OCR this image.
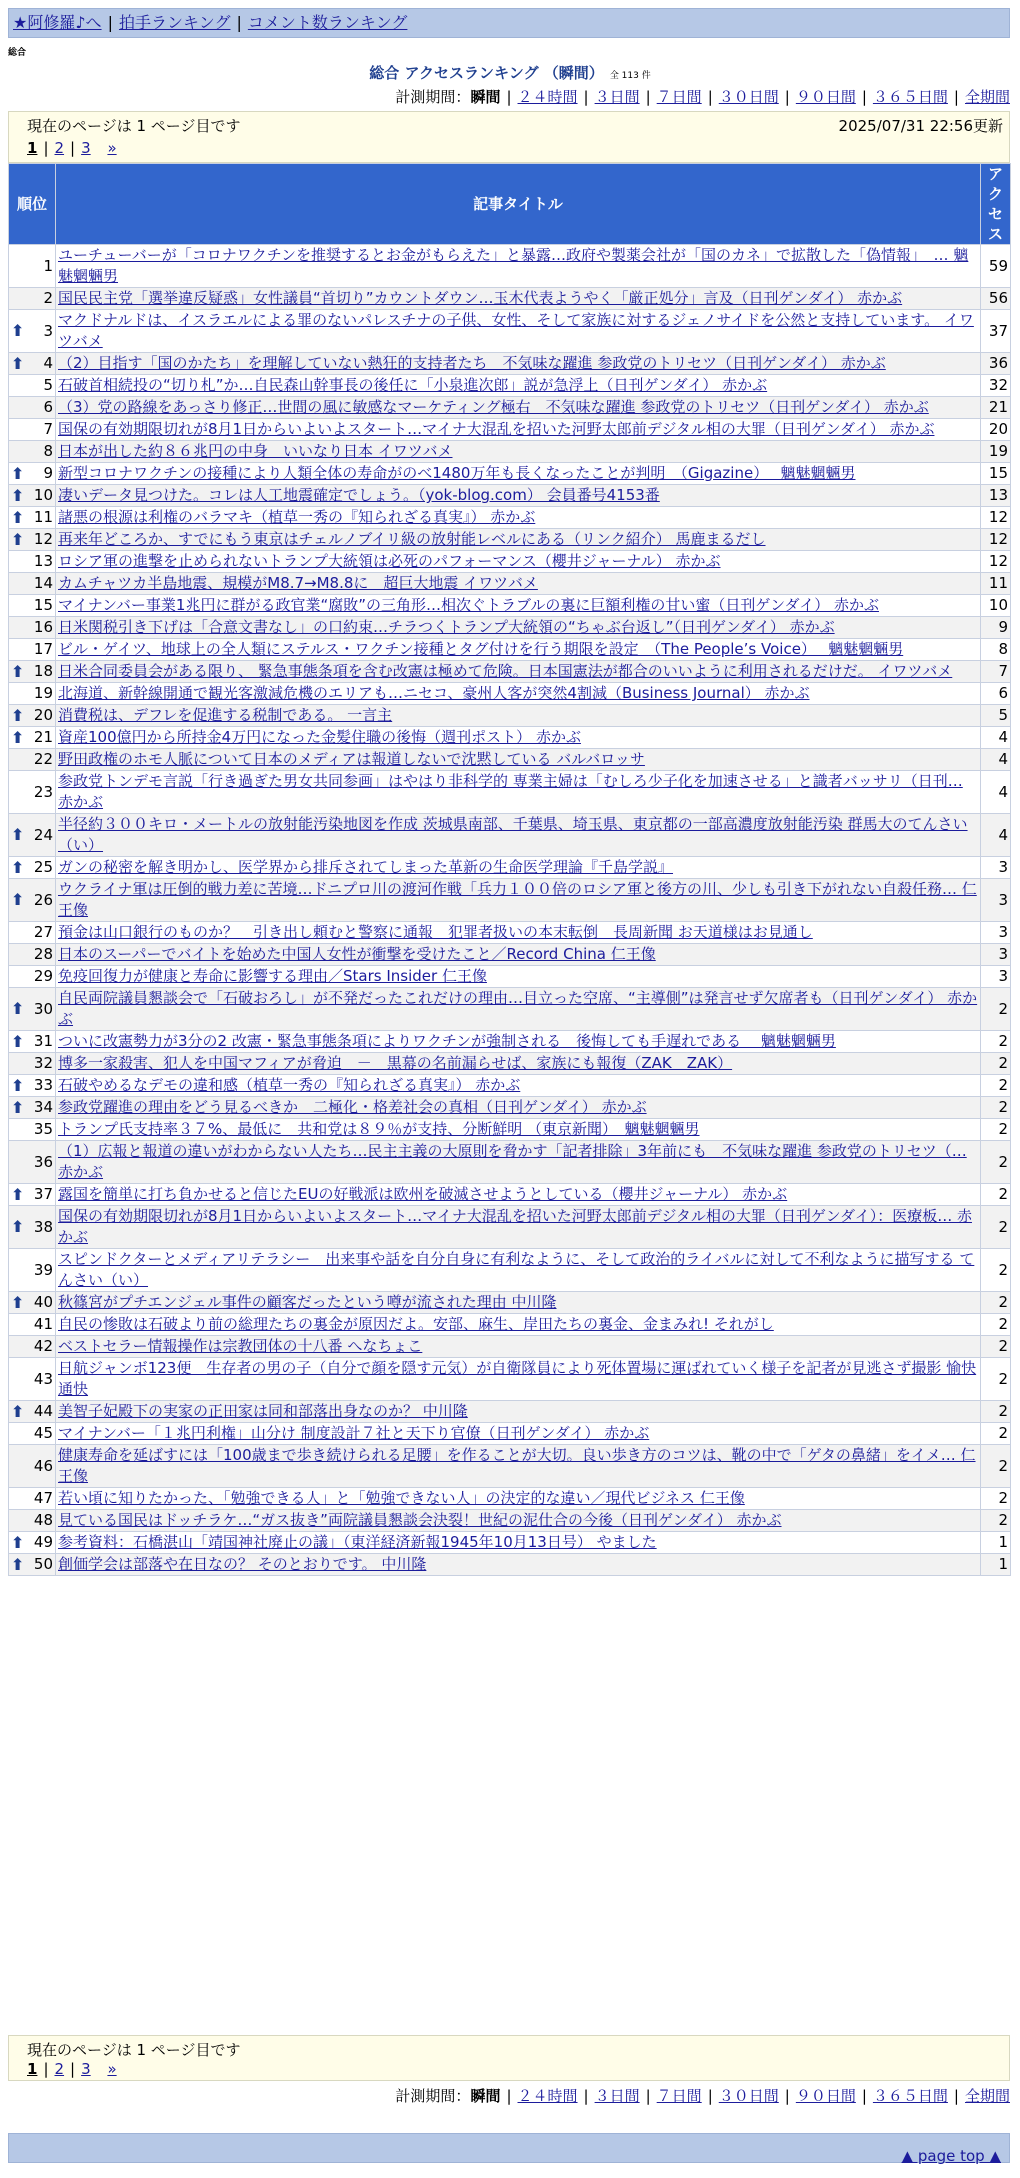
★阿修羅♪へ | 拍手ランキング | コメント数ランキング
総合
総合 アクセスランキング （瞬間） 全 113 件
計測期間：瞬間 | ２４時間 | ３日間 | ７日間 | ３０日間 | ９０日間 | ３６５日間 | 全期間
現在のページは 1 ページ目です	2025/07/31 22:56更新
1 | 2 | 3 »
順位	記事タイトル	アクセス
1	ユーチューバーが「コロナワクチンを推奨するとお金がもらえた」と暴露…政府や製薬会社が「国のカネ」で拡散した「偽情報」　… 魑魅魍魎男	59
2	国民民主党「選挙違反疑惑」女性議員“首切り”カウントダウン…玉木代表ようやく「厳正処分」言及（日刊ゲンダイ） 赤かぶ	56

⬆ 3	マクドナルドは、イスラエルによる罪のないパレスチナの子供、女性、そして家族に対するジェノサイドを公然と支持しています。 イワツバメ	37

⬆ 4	（2）目指す「国のかたち」を理解していない熱狂的支持者たち　不気味な躍進 参政党のトリセツ（日刊ゲンダイ） 赤かぶ	36
5	石破首相続投の“切り札”か…自民森山幹事長の後任に「小泉進次郎」説が急浮上（日刊ゲンダイ） 赤かぶ	32
6	（3）党の路線をあっさり修正…世間の風に敏感なマーケティング極右　不気味な躍進 参政党のトリセツ（日刊ゲンダイ） 赤かぶ	21
7	国保の有効期限切れが8月1日からいよいよスタート…マイナ大混乱を招いた河野太郎前デジタル相の大罪（日刊ゲンダイ） 赤かぶ	20
8	日本が出した約８６兆円の中身　いいなり日本 イワツバメ	19

⬆ 9	新型コロナワクチンの接種により人類全体の寿命がのべ1480万年も長くなったことが判明　（Gigazine）　 魑魅魍魎男	15

⬆ 10	凄いデータ見つけた。コレは人工地震確定でしょう。（yok-blog.com） 会員番号4153番	13

⬆ 11	諸悪の根源は利権のバラマキ（植草一秀の『知られざる真実』） 赤かぶ	12

⬆ 12	再来年どころか、すでにもう東京はチェルノブイリ級の放射能レベルにある（リンク紹介） 馬鹿まるだし	12
13	ロシア軍の進撃を止められないトランプ大統領は必死のパフォーマンス（櫻井ジャーナル） 赤かぶ	12
14	カムチャツカ半島地震、規模がM8.7→M8.8に　超巨大地震 イワツバメ	11
15	マイナンバー事業1兆円に群がる政官業“腐敗”の三角形…相次ぐトラブルの裏に巨額利権の甘い蜜（日刊ゲンダイ） 赤かぶ	10
16	日米関税引き下げは「合意文書なし」の口約束…チラつくトランプ大統領の“ちゃぶ台返し”（日刊ゲンダイ） 赤かぶ	9
17	ビル・ゲイツ、地球上の全人類にステルス・ワクチン接種とタグ付けを行う期限を設定　（The People’s Voice）　 魑魅魍魎男	8

⬆ 18	日米合同委員会がある限り、 緊急事態条項を含む改憲は極めて危険。日本国憲法が都合のいいように利用されるだけだ。 イワツバメ	7
19	北海道、新幹線開通で観光客激減危機のエリアも…ニセコ、豪州人客が突然4割減（Business Journal） 赤かぶ	6

⬆ 20	消費税は、デフレを促進する税制である。 一言主	5

⬆ 21	資産100億円から所持金4万円になった金髪住職の後悔（週刊ポスト） 赤かぶ	4
22	野田政権のホモ人脈について日本のメディアは報道しないで沈黙している バルバロッサ	4
23	参政党トンデモ言説「行き過ぎた男女共同参画」はやはり非科学的 専業主婦は「むしろ少子化を加速させる」と識者バッサリ（日刊… 赤かぶ	4

⬆ 24	半径約３００キロ・メートルの放射能汚染地図を作成 茨城県南部、千葉県、埼玉県、東京都の一部高濃度放射能汚染 群馬大のてんさい（い）	4

⬆ 25	ガンの秘密を解き明かし、医学界から排斥されてしまった革新の生命医学理論『千島学説』	3

⬆ 26	ウクライナ軍は圧倒的戦力差に苦境…ドニプロ川の渡河作戦「兵力１００倍のロシア軍と後方の川、少しも引き下がれない自殺任務… 仁王像	3
27	預金は山口銀行のものか？　引き出し頼むと警察に通報　犯罪者扱いの本末転倒　長周新聞 お天道様はお見通し	3
28	日本のスーパーでバイトを始めた中国人女性が衝撃を受けたこと／Record China 仁王像	3
29	免疫回復力が健康と寿命に影響する理由／Stars Insider 仁王像	3

⬆ 30	自民両院議員懇談会で「石破おろし」が不発だったこれだけの理由…目立った空席、“主導側”は発言せず欠席者も（日刊ゲンダイ） 赤かぶ	2

⬆ 31	ついに改憲勢力が3分の2 改憲・緊急事態条項によりワクチンが強制される　後悔しても手遅れである　 魑魅魍魎男	2
32	博多一家殺害、犯人を中国マフィアが脅迫　－　黒幕の名前漏らせば、家族にも報復（ZAK　ZAK）	2

⬆ 33	石破やめるなデモの違和感（植草一秀の『知られざる真実』） 赤かぶ	2

⬆ 34	参政党躍進の理由をどう見るべきか　二極化・格差社会の真相（日刊ゲンダイ） 赤かぶ	2
35	トランプ氏支持率３７%、最低に　共和党は８９％が支持、分断鮮明 （東京新聞）　魑魅魍魎男	2
36	（1）広報と報道の違いがわからない人たち…民主主義の大原則を脅かす「記者排除」3年前にも　不気味な躍進 参政党のトリセツ（… 赤かぶ	2

⬆ 37	露国を簡単に打ち負かせると信じたEUの好戦派は欧州を破滅させようとしている（櫻井ジャーナル） 赤かぶ	2

⬆ 38	国保の有効期限切れが8月1日からいよいよスタート…マイナ大混乱を招いた河野太郎前デジタル相の大罪（日刊ゲンダイ）：医療板… 赤かぶ	2
39	スピンドクターとメディアリテラシー　出来事や話を自分自身に有利なように、そして政治的ライバルに対して不利なように描写する てんさい（い）	2

⬆ 40	秋篠宮がプチエンジェル事件の顧客だったという噂が流された理由 中川隆	2
41	自民の惨敗は石破より前の総理たちの裏金が原因だよ。安部、麻生、岸田たちの裏金、金まみれ! それがし	2
42	ベストセラー情報操作は宗教団体の十八番 へなちょこ	2
43	日航ジャンボ123便　生存者の男の子（自分で顔を隠す元気）が自衛隊員により死体置場に運ばれていく様子を記者が見逃さず撮影 愉快通快	2

⬆ 44	美智子妃殿下の実家の正田家は同和部落出身なのか？ 中川隆	2
45	マイナンバー「１兆円利権」山分け 制度設計７社と天下り官僚（日刊ゲンダイ） 赤かぶ	2
46	健康寿命を延ばすには「100歳まで歩き続けられる足腰」を作ることが大切。良い歩き方のコツは、靴の中で「ゲタの鼻緒」をイメ… 仁王像	2
47	若い頃に知りたかった、「勉強できる人」と「勉強できない人」の決定的な違い／現代ビジネス 仁王像	2
48	見ている国民はドッチラケ…“ガス抜き”両院議員懇談会決裂！世紀の泥仕合の今後（日刊ゲンダイ） 赤かぶ	2

⬆ 49	参考資料：石橋湛山「靖国神社廃止の議」（東洋経済新報1945年10月13日号） やました	1

⬆ 50	創価学会は部落や在日なの？ そのとおりです。 中川隆	1
現在のページは 1 ページ目です
1 | 2 | 3 »
計測期間：瞬間 | ２４時間 | ３日間 | ７日間 | ３０日間 | ９０日間 | ３６５日間 | 全期間
▲ page top ▲
